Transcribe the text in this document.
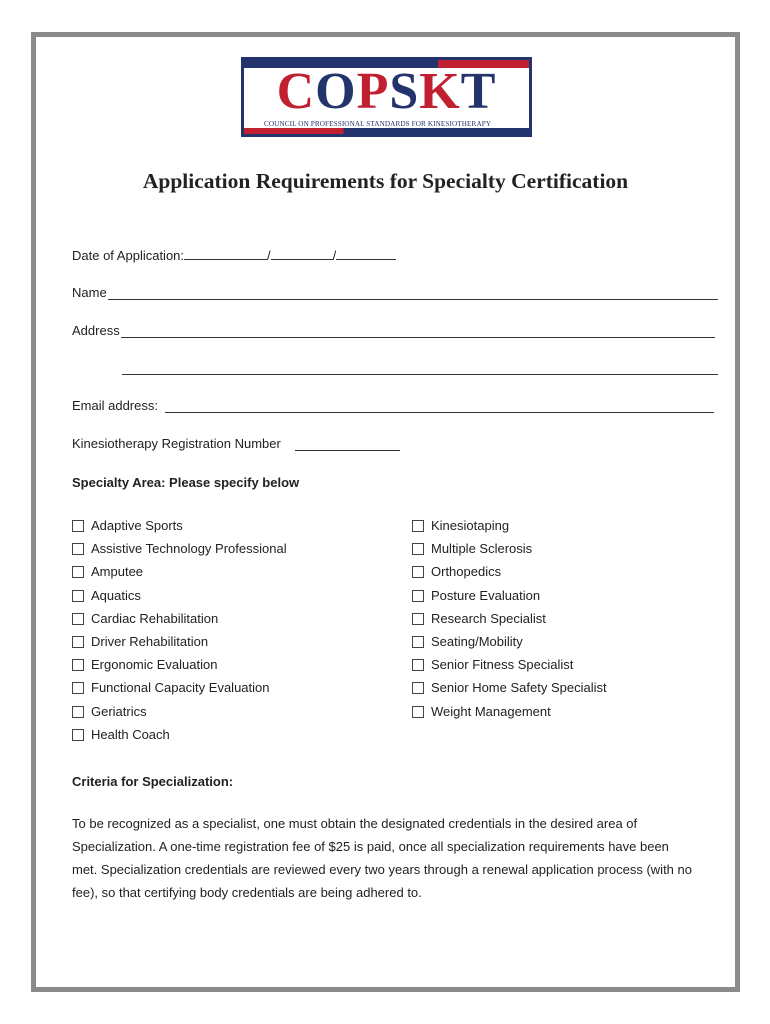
COPSKT
COUNCIL ON PROFESSIONAL STANDARDS FOR KINESIOTHERAPY
Application Requirements for Specialty Certification
Date of Application:	/	/
Name
Address
Email address:
Kinesiotherapy Registration Number
Specialty Area: Please specify below
Adaptive Sports
Assistive Technology Professional
Amputee
Aquatics
Cardiac Rehabilitation
Driver Rehabilitation
Ergonomic Evaluation
Functional Capacity Evaluation
Geriatrics
Health Coach
Kinesiotaping
Multiple Sclerosis
Orthopedics
Posture Evaluation
Research Specialist
Seating/Mobility
Senior Fitness Specialist
Senior Home Safety Specialist
Weight Management
Criteria for Specialization:
To be recognized as a specialist, one must obtain the designated credentials in the desired area of Specialization. A one-time registration fee of $25 is paid, once all specialization requirements have been met. Specialization credentials are reviewed every two years through a renewal application process (with no fee), so that certifying body credentials are being adhered to.
